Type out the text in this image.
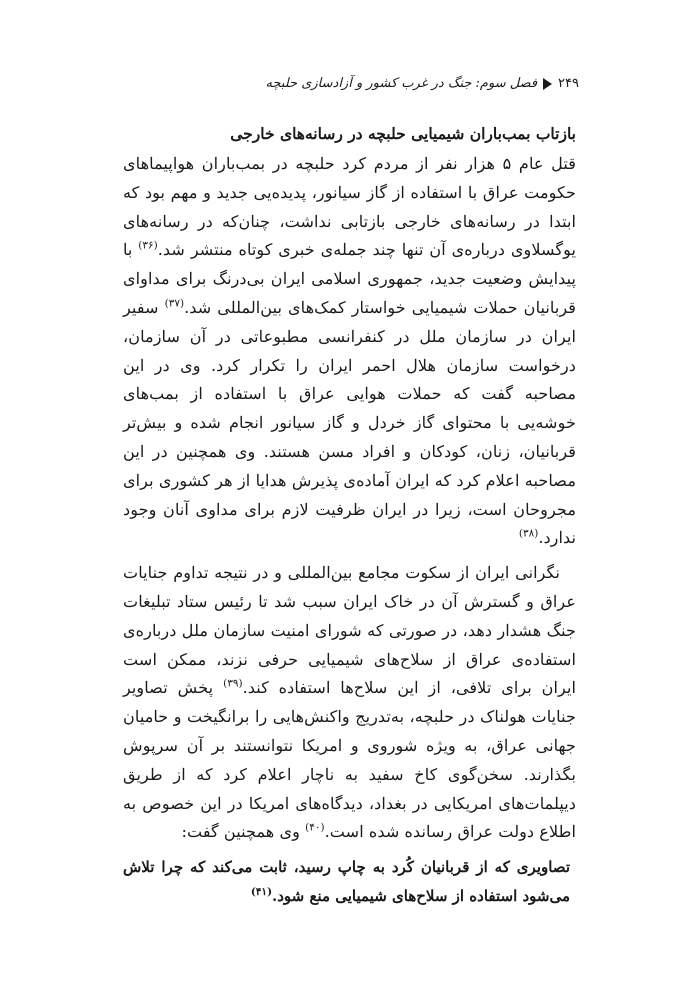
۲۴۹
فصل سوم: جنگ در غرب کشور و آزادسازی حلبچه
بازتاب بمب‌باران شیمیایی حلبچه در رسانه‌های خارجی

قتل عام ۵ هزار نفر از مردم کرد حلبچه در بمب‌باران هواپیماهای حکومت عراق با استفاده از گاز سیانور، پدیده‌یی جدید و مهم بود که ابتدا در رسانه‌های خارجی بازتابی نداشت، چنان‌که در رسانه‌های یوگسلاوی درباره‌ی آن تنها چند جمله‌ی خبری کوتاه منتشر شد.$^{(۳۶)}$ با پیدایش وضعیت جدید، جمهوری اسلامی ایران بی‌درنگ برای مداوای قربانیان حملات شیمیایی خواستار کمک‌های بین‌المللی شد.$^{(۳۷)}$ سفیر ایران در سازمان ملل در کنفرانسی مطبوعاتی در آن سازمان، درخواست سازمان هلال احمر ایران را تکرار کرد. وی در این مصاحبه گفت که حملات هوایی عراق با استفاده از بمب‌های خوشه‌یی با محتوای گاز خردل و گاز سیانور انجام شده و بیش‌تر قربانیان، زنان، کودکان و افراد مسن هستند. وی همچنین در این مصاحبه اعلام کرد که ایران آماده‌ی پذیرش هدایا از هر کشوری برای مجروحان است، زیرا در ایران ظرفیت لازم برای مداوی آنان وجود ندارد.$^{(۳۸)}$

نگرانی ایران از سکوت مجامع بین‌المللی و در نتیجه تداوم جنایات عراق و گسترش آن در خاک ایران سبب شد تا رئیس ستاد تبلیغات جنگ هشدار دهد، در صورتی که شورای امنیت سازمان ملل درباره‌ی استفاده‌ی عراق از سلاح‌های شیمیایی حرفی نزند، ممکن است ایران برای تلافی، از این سلاح‌ها استفاده کند.$^{(۳۹)}$ پخش تصاویر جنایات هولناک در حلبچه، به‌تدریج واکنش‌هایی را برانگیخت و حامیان جهانی عراق، به ویژه شوروی و امریکا نتوانستند بر آن سرپوش بگذارند. سخن‌گوی کاخ سفید به ناچار اعلام کرد که از طریق دیپلمات‌های امریکایی در بغداد، دیدگاه‌های امریکا در این خصوص به اطلاع دولت عراق رسانده شده است.$^{(۴۰)}$ وی همچنین گفت:

تصاویری که از قربانیان کُرد به چاپ رسید، ثابت می‌کند که چرا تلاش می‌شود استفاده از سلاح‌های شیمیایی منع شود.$^{(۴۱)}$
